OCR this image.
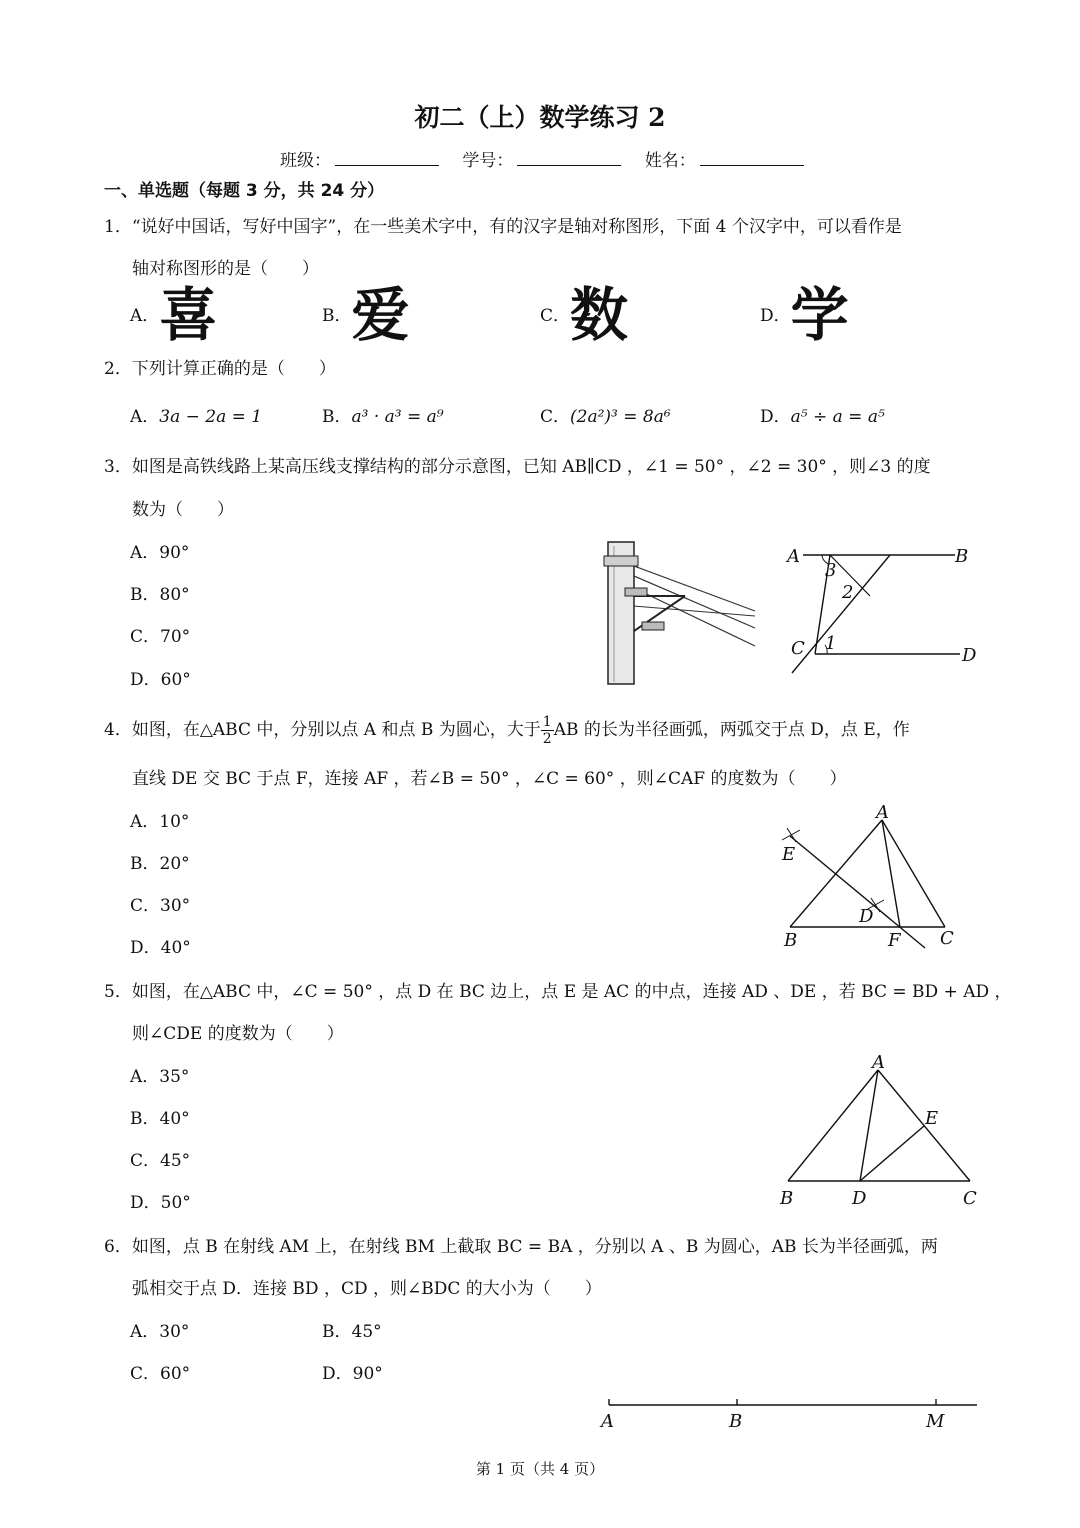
初二（上）数学练习 2
班级：	学号：	姓名：
一、单选题（每题 3 分，共 24 分）
1．“说好中国话，写好中国字”，在一些美术字中，有的汉字是轴对称图形，下面 4 个汉字中，可以看作是
轴对称图形的是（　　）
A．喜	B．爱	C．数	D．学
2．下列计算正确的是（　　）
A．3a − 2a = 1	B．a³ · a³ = a⁹	C．(2a²)³ = 8a⁶	D．a⁵ ÷ a = a⁵
3．如图是高铁线路上某高压线支撑结构的部分示意图，已知 AB∥CD ，∠1 = 50° ，∠2 = 30° ，则∠3 的度
数为（　　）
A．90°
B．80°
C．70°
D．60°
A	B
C	D
3
2
1
4．如图，在△ABC 中，分别以点 A 和点 B 为圆心，大于 $\frac{1}{2}$ AB 的长为半径画弧，两弧交于点 D，点 E，作
直线 DE 交 BC 于点 F，连接 AF ，若∠B = 50° ，∠C = 60° ，则∠CAF 的度数为（　　）
A．10°
B．20°
C．30°
D．40°
A
B	C
D
E
F
5．如图，在△ABC 中，∠C = 50° ，点 D 在 BC 边上，点 E 是 AC 的中点，连接 AD 、DE ，若 BC = BD + AD ，
则∠CDE 的度数为（　　）
A．35°
B．40°
C．45°
D．50°
A
B	C
D
E
6．如图，点 B 在射线 AM 上，在射线 BM 上截取 BC = BA ，分别以 A 、B 为圆心，AB 长为半径画弧，两
弧相交于点 D．连接 BD ，CD ，则∠BDC 的大小为（　　）
A．30°	B．45°
C．60°	D．90°
A	B	M
第 1 页（共 4 页）
